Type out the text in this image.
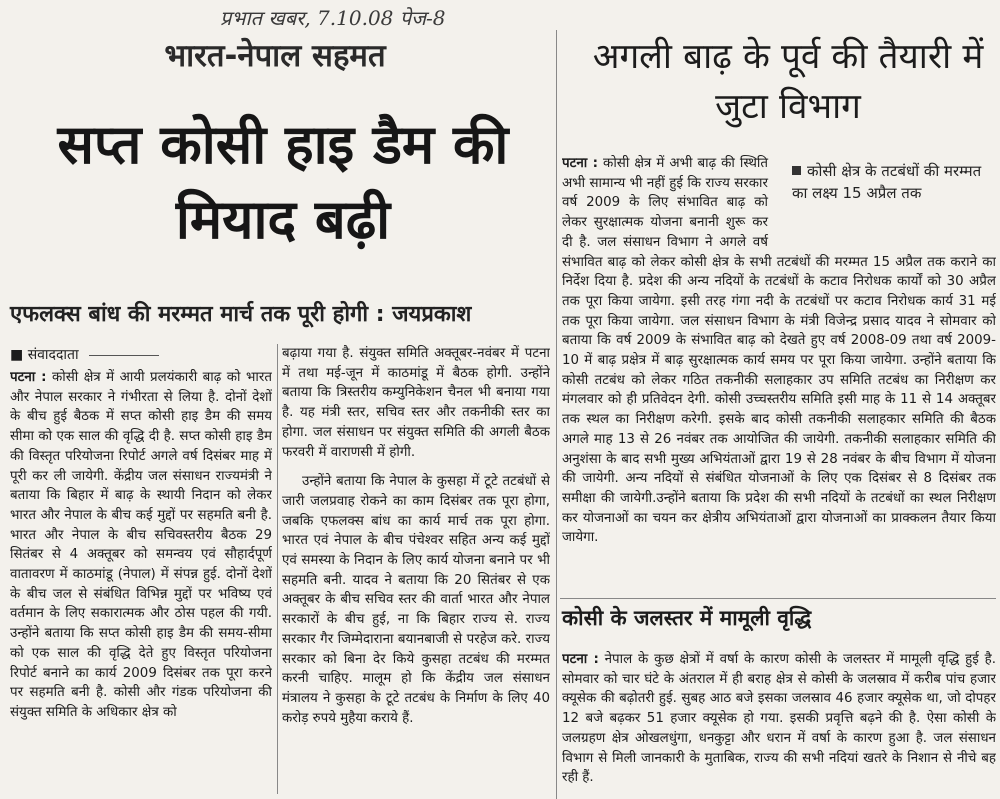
प्रभात खबर, 7.10.08 पेज-8
भारत-नेपाल सहमत
सप्त कोसी हाइ डैम की मियाद बढ़ी
एफलक्स बांध की मरम्मत मार्च तक पूरी होगी : जयप्रकाश
■ संवाददाता

पटना : कोसी क्षेत्र में आयी प्रलयंकारी बाढ़ को भारत और नेपाल सरकार ने गंभीरता से लिया है. दोनों देशों के बीच हुई बैठक में सप्त कोसी हाइ डैम की समय सीमा को एक साल की वृद्धि दी है. सप्त कोसी हाइ डैम की विस्तृत परियोजना रिपोर्ट अगले वर्ष दिसंबर माह में पूरी कर ली जायेगी. केंद्रीय जल संसाधन राज्यमंत्री ने बताया कि बिहार में बाढ़ के स्थायी निदान को लेकर भारत और नेपाल के बीच कई मुद्दों पर सहमति बनी है. भारत और नेपाल के बीच सचिवस्तरीय बैठक 29 सितंबर से 4 अक्तूबर को समन्वय एवं सौहार्दपूर्ण वातावरण में काठमांडू (नेपाल) में संपन्न हुई. दोनों देशों के बीच जल से संबंधित विभिन्न मुद्दों पर भविष्य एवं वर्तमान के लिए सकारात्मक और ठोस पहल की गयी. उन्होंने बताया कि सप्त कोसी हाइ डैम की समय-सीमा को एक साल की वृद्धि देते हुए विस्तृत परियोजना रिपोर्ट बनाने का कार्य 2009 दिसंबर तक पूरा करने पर सहमति बनी है. कोसी और गंडक परियोजना की संयुक्त समिति के अधिकार क्षेत्र को

बढ़ाया गया है. संयुक्त समिति अक्तूबर-नवंबर में पटना में तथा मई-जून में काठमांडू में बैठक होगी. उन्होंने बताया कि त्रिस्तरीय कम्युनिकेशन चैनल भी बनाया गया है. यह मंत्री स्तर, सचिव स्तर और तकनीकी स्तर का होगा. जल संसाधन पर संयुक्त समिति की अगली बैठक फरवरी में वाराणसी में होगी.

उन्होंने बताया कि नेपाल के कुसहा में टूटे तटबंधों से जारी जलप्रवाह रोकने का काम दिसंबर तक पूरा होगा, जबकि एफलक्स बांध का कार्य मार्च तक पूरा होगा. भारत एवं नेपाल के बीच पंचेश्वर सहित अन्य कई मुद्दों एवं समस्या के निदान के लिए कार्य योजना बनाने पर भी सहमति बनी. यादव ने बताया कि 20 सितंबर से एक अक्तूबर के बीच सचिव स्तर की वार्ता भारत और नेपाल सरकारों के बीच हुई, ना कि बिहार राज्य से. राज्य सरकार गैर जिम्मेदाराना बयानबाजी से परहेज करे. राज्य सरकार को बिना देर किये कुसहा तटबंध की मरम्मत करनी चाहिए. मालूम हो कि केंद्रीय जल संसाधन मंत्रालय ने कुसहा के टूटे तटबंध के निर्माण के लिए 40 करोड़ रुपये मुहैया कराये हैं.

अगली बाढ़ के पूर्व की तैयारी में जुटा विभाग
कोसी क्षेत्र के तटबंधों की मरम्मत का लक्ष्य 15 अप्रैल तक

पटना : कोसी क्षेत्र में अभी बाढ़ की स्थिति अभी सामान्य भी नहीं हुई कि राज्य सरकार वर्ष 2009 के लिए संभावित बाढ़ को लेकर सुरक्षात्मक योजना बनानी शुरू कर दी है. जल संसाधन विभाग ने अगले वर्ष संभावित बाढ़ को लेकर कोसी क्षेत्र के सभी तटबंधों की मरम्मत 15 अप्रैल तक कराने का निर्देश दिया है. प्रदेश की अन्य नदियों के तटबंधों के कटाव निरोधक कार्यों को 30 अप्रैल तक पूरा किया जायेगा. इसी तरह गंगा नदी के तटबंधों पर कटाव निरोधक कार्य 31 मई तक पूरा किया जायेगा. जल संसाधन विभाग के मंत्री विजेन्द्र प्रसाद यादव ने सोमवार को बताया कि वर्ष 2009 के संभावित बाढ़ को देखते हुए वर्ष 2008-09 तथा वर्ष 2009-10 में बाढ़ प्रक्षेत्र में बाढ़ सुरक्षात्मक कार्य समय पर पूरा किया जायेगा. उन्होंने बताया कि कोसी तटबंध को लेकर गठित तकनीकी सलाहकार उप समिति तटबंध का निरीक्षण कर मंगलवार को ही प्रतिवेदन देगी. कोसी उच्चस्तरीय समिति इसी माह के 11 से 14 अक्तूबर तक स्थल का निरीक्षण करेगी. इसके बाद कोसी तकनीकी सलाहकार समिति की बैठक अगले माह 13 से 26 नवंबर तक आयोजित की जायेगी. तकनीकी सलाहकार समिति की अनुशंसा के बाद सभी मुख्य अभियंताओं द्वारा 19 से 28 नवंबर के बीच विभाग में योजना की जायेगी. अन्य नदियों से संबंधित योजनाओं के लिए एक दिसंबर से 8 दिसंबर तक समीक्षा की जायेगी.उन्होंने बताया कि प्रदेश की सभी नदियों के तटबंधों का स्थल निरीक्षण कर योजनाओं का चयन कर क्षेत्रीय अभियंताओं द्वारा योजनाओं का प्राक्कलन तैयार किया जायेगा.

कोसी के जलस्तर में मामूली वृद्धि

पटना : नेपाल के कुछ क्षेत्रों में वर्षा के कारण कोसी के जलस्तर में मामूली वृद्धि हुई है. सोमवार को चार घंटे के अंतराल में ही बराह क्षेत्र से कोसी के जलस्राव में करीब पांच हजार क्यूसेक की बढ़ोतरी हुई. सुबह आठ बजे इसका जलस्राव 46 हजार क्यूसेक था, जो दोपहर 12 बजे बढ़कर 51 हजार क्यूसेक हो गया. इसकी प्रवृत्ति बढ़ने की है. ऐसा कोसी के जलग्रहण क्षेत्र ओखलधुंगा, धनकुट्टा और धरान में वर्षा के कारण हुआ है. जल संसाधन विभाग से मिली जानकारी के मुताबिक, राज्य की सभी नदियां खतरे के निशान से नीचे बह रही हैं.
